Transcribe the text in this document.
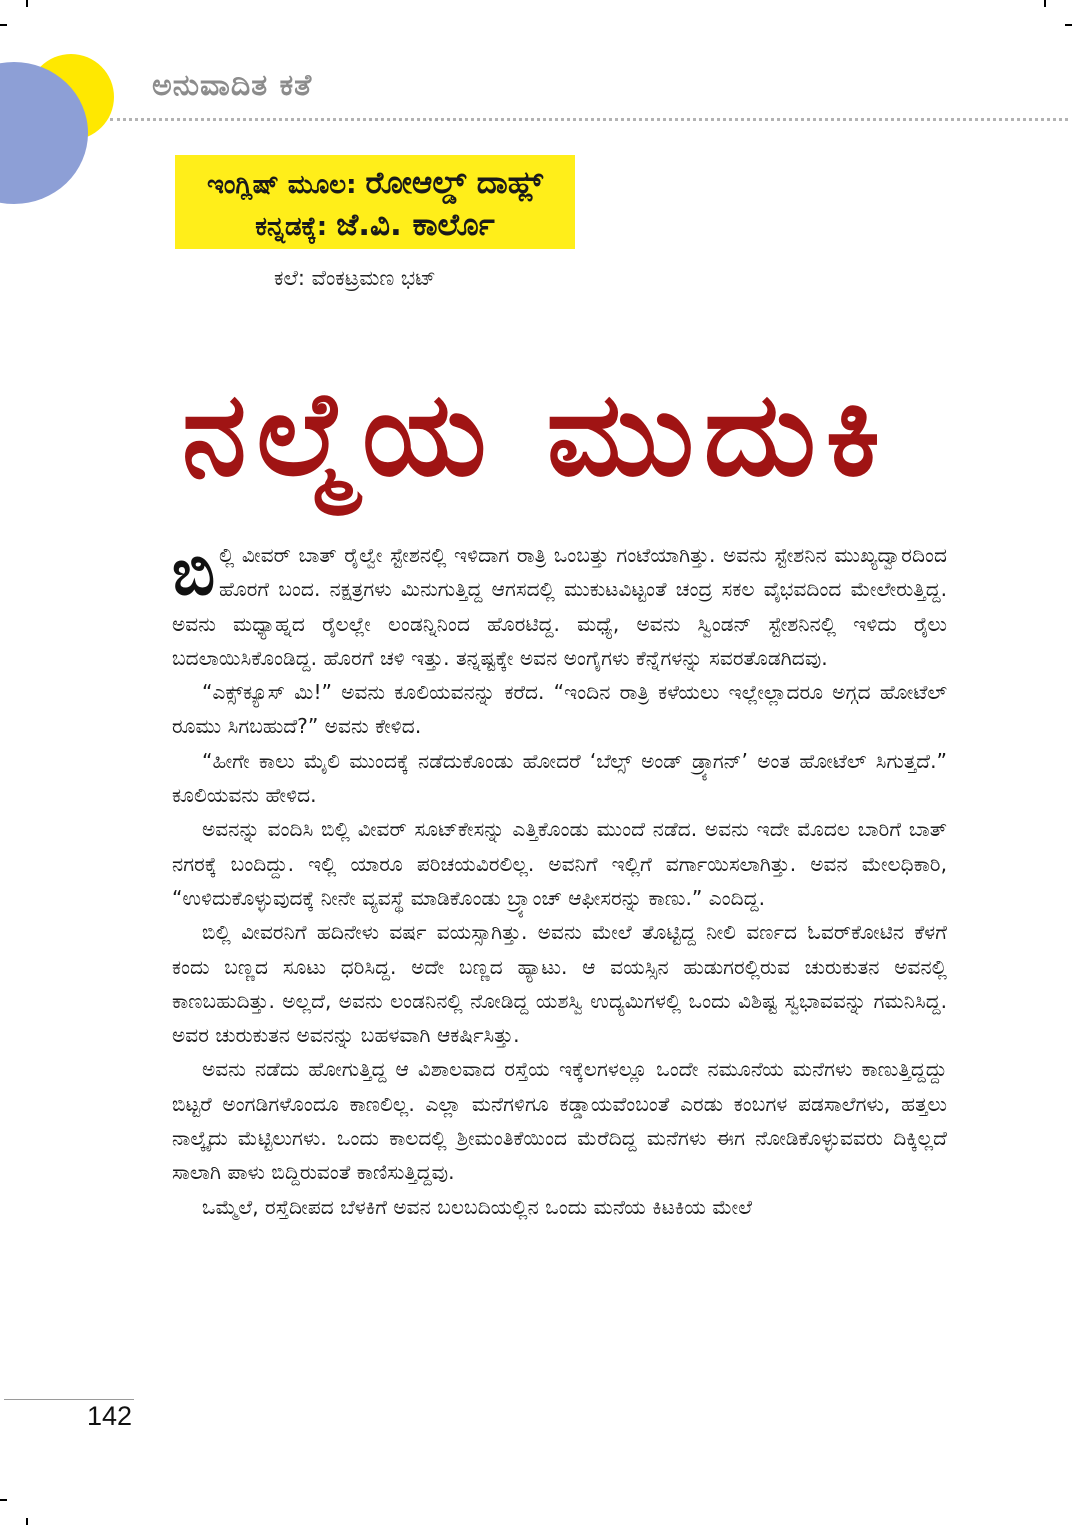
ಅನುವಾದಿತ ಕತೆ
ಇಂಗ್ಲಿಷ್ ಮೂಲ: ರೋಆಲ್ಡ್ ದಾಹ್ಲ್
ಕನ್ನಡಕ್ಕೆ: ಜೆ.ವಿ. ಕಾರ್ಲೊ
ಕಲೆ: ವೆಂಕಟ್ರಮಣ ಭಟ್
ನಲ್ಮೆಯ ಮುದುಕಿ

ಬಿಲ್ಲಿ ವೀವರ್ ಬಾತ್ ರೈಲ್ವೇ ಸ್ಟೇಶನಲ್ಲಿ ಇಳಿದಾಗ ರಾತ್ರಿ ಒಂಬತ್ತು ಗಂಟೆಯಾಗಿತ್ತು. ಅವನು ಸ್ಟೇಶನಿನ ಮುಖ್ಯದ್ವಾರದಿಂದ ಹೊರಗೆ ಬಂದ. ನಕ್ಷತ್ರಗಳು ಮಿನುಗುತ್ತಿದ್ದ ಆಗಸದಲ್ಲಿ ಮುಕುಟವಿಟ್ಟಂತೆ ಚಂದ್ರ ಸಕಲ ವೈಭವದಿಂದ ಮೇಲೇರುತ್ತಿದ್ದ. ಅವನು ಮಧ್ಯಾಹ್ನದ ರೈಲಲ್ಲೇ ಲಂಡನ್ನಿನಿಂದ ಹೊರಟಿದ್ದ. ಮಧ್ಯೆ, ಅವನು ಸ್ವಿಂಡನ್ ಸ್ಟೇಶನಿನಲ್ಲಿ ಇಳಿದು ರೈಲು ಬದಲಾಯಿಸಿಕೊಂಡಿದ್ದ. ಹೊರಗೆ ಚಳಿ ಇತ್ತು. ತನ್ನಷ್ಟಕ್ಕೇ ಅವನ ಅಂಗೈಗಳು ಕೆನ್ನೆಗಳನ್ನು ಸವರತೊಡಗಿದವು.

“ಎಕ್ಸ್‌ಕ್ಯೂಸ್ ಮಿ!” ಅವನು ಕೂಲಿಯವನನ್ನು ಕರೆದ. “ಇಂದಿನ ರಾತ್ರಿ ಕಳೆಯಲು ಇಲ್ಲೇಲ್ಲಾದರೂ ಅಗ್ಗದ ಹೋಟೆಲ್ ರೂಮು ಸಿಗಬಹುದೆ?” ಅವನು ಕೇಳಿದ.

“ಹೀಗೇ ಕಾಲು ಮೈಲಿ ಮುಂದಕ್ಕೆ ನಡೆದುಕೊಂಡು ಹೋದರೆ ‘ಬೆಲ್ಸ್ ಅಂಡ್ ಡ್ರ್ಯಾಗನ್’ ಅಂತ ಹೋಟೆಲ್ ಸಿಗುತ್ತದೆ.” ಕೂಲಿಯವನು ಹೇಳಿದ.

ಅವನನ್ನು ವಂದಿಸಿ ಬಿಲ್ಲಿ ವೀವರ್ ಸೂಟ್‌ಕೇಸನ್ನು ಎತ್ತಿಕೊಂಡು ಮುಂದೆ ನಡೆದ. ಅವನು ಇದೇ ಮೊದಲ ಬಾರಿಗೆ ಬಾತ್ ನಗರಕ್ಕೆ ಬಂದಿದ್ದು. ಇಲ್ಲಿ ಯಾರೂ ಪರಿಚಯವಿರಲಿಲ್ಲ. ಅವನಿಗೆ ಇಲ್ಲಿಗೆ ವರ್ಗಾಯಿಸಲಾಗಿತ್ತು. ಅವನ ಮೇಲಧಿಕಾರಿ, “ಉಳಿದುಕೊಳ್ಳುವುದಕ್ಕೆ ನೀನೇ ವ್ಯವಸ್ಥೆ ಮಾಡಿಕೊಂಡು ಬ್ರ್ಯಾಂಚ್ ಆಫೀಸರನ್ನು ಕಾಣು.” ಎಂದಿದ್ದ.

ಬಿಲ್ಲಿ ವೀವರನಿಗೆ ಹದಿನೇಳು ವರ್ಷ ವಯಸ್ಸಾಗಿತ್ತು. ಅವನು ಮೇಲೆ ತೊಟ್ಟಿದ್ದ ನೀಲಿ ವರ್ಣದ ಓವರ್‌ಕೋಟಿನ ಕೆಳಗೆ ಕಂದು ಬಣ್ಣದ ಸೂಟು ಧರಿಸಿದ್ದ. ಅದೇ ಬಣ್ಣದ ಹ್ಯಾಟು. ಆ ವಯಸ್ಸಿನ ಹುಡುಗರಲ್ಲಿರುವ ಚುರುಕುತನ ಅವನಲ್ಲಿ ಕಾಣಬಹುದಿತ್ತು. ಅಲ್ಲದೆ, ಅವನು ಲಂಡನಿನಲ್ಲಿ ನೋಡಿದ್ದ ಯಶಸ್ವಿ ಉದ್ಯಮಿಗಳಲ್ಲಿ ಒಂದು ವಿಶಿಷ್ಟ ಸ್ವಭಾವವನ್ನು ಗಮನಿಸಿದ್ದ. ಅವರ ಚುರುಕುತನ ಅವನನ್ನು ಬಹಳವಾಗಿ ಆಕರ್ಷಿಸಿತ್ತು.

ಅವನು ನಡೆದು ಹೋಗುತ್ತಿದ್ದ ಆ ವಿಶಾಲವಾದ ರಸ್ತೆಯ ಇಕ್ಕೆಲಗಳಲ್ಲೂ ಒಂದೇ ನಮೂನೆಯ ಮನೆಗಳು ಕಾಣುತ್ತಿದ್ದದ್ದು ಬಿಟ್ಟರೆ ಅಂಗಡಿಗಳೊಂದೂ ಕಾಣಲಿಲ್ಲ. ಎಲ್ಲಾ ಮನೆಗಳಿಗೂ ಕಡ್ಡಾಯವೆಂಬಂತೆ ಎರಡು ಕಂಬಗಳ ಪಡಸಾಲೆಗಳು, ಹತ್ತಲು ನಾಲ್ಕೈದು ಮೆಟ್ಟಿಲುಗಳು. ಒಂದು ಕಾಲದಲ್ಲಿ ಶ್ರೀಮಂತಿಕೆಯಿಂದ ಮೆರೆದಿದ್ದ ಮನೆಗಳು ಈಗ ನೋಡಿಕೊಳ್ಳುವವರು ದಿಕ್ಕಿಲ್ಲದೆ ಸಾಲಾಗಿ ಪಾಳು ಬಿದ್ದಿರುವಂತೆ ಕಾಣಿಸುತ್ತಿದ್ದವು.

ಒಮ್ಮೆಲೆ, ರಸ್ತೆದೀಪದ ಬೆಳಕಿಗೆ ಅವನ ಬಲಬದಿಯಲ್ಲಿನ ಒಂದು ಮನೆಯ ಕಿಟಕಿಯ ಮೇಲೆ

142
